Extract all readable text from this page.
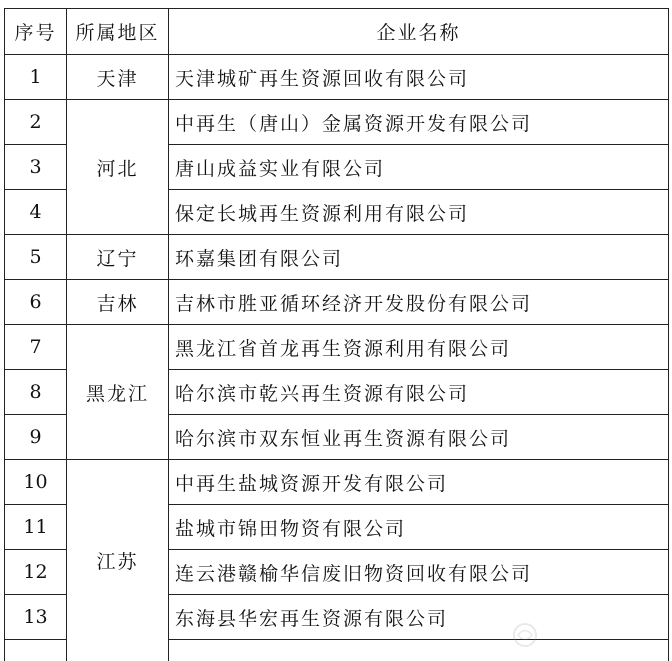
序号	所属地区	企业名称
1	天津	天津城矿再生资源回收有限公司
2	河北	中再生（唐山）金属资源开发有限公司
3		唐山成益实业有限公司
4		保定长城再生资源利用有限公司
5	辽宁	环嘉集团有限公司
6	吉林	吉林市胜亚循环经济开发股份有限公司
7	黑龙江	黑龙江省首龙再生资源利用有限公司
8		哈尔滨市乾兴再生资源有限公司
9		哈尔滨市双东恒业再生资源有限公司
10	江苏	中再生盐城资源开发有限公司
11		盐城市锦田物资有限公司
12		连云港赣榆华信废旧物资回收有限公司
13		东海县华宏再生资源有限公司
